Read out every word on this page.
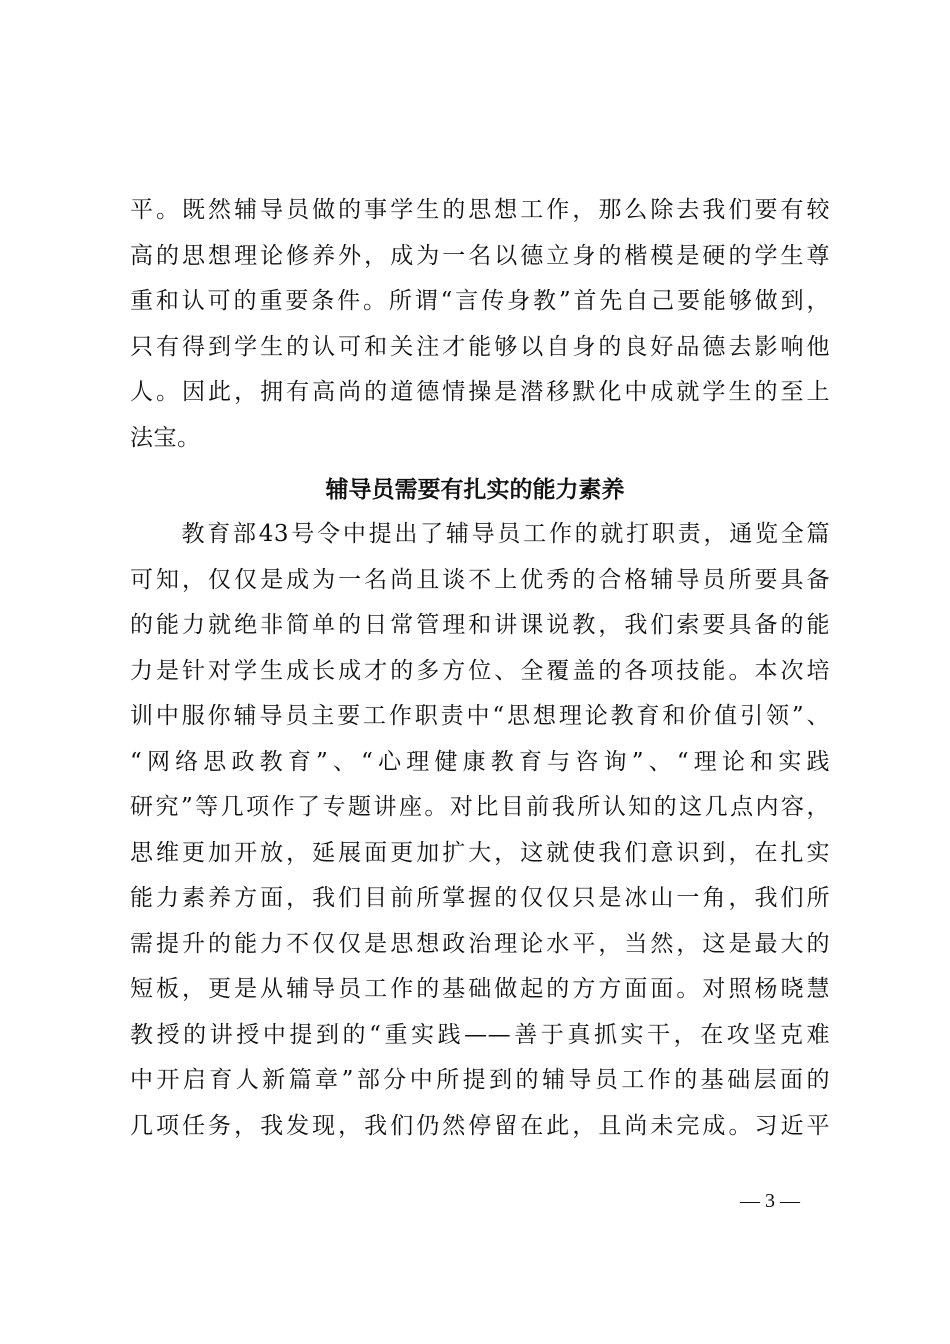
平。既然辅导员做的事学生的思想工作，那么除去我们要有较
高的思想理论修养外，成为一名以德立身的楷模是硬的学生尊
重和认可的重要条件。所谓“言传身教”首先自己要能够做到，
只有得到学生的认可和关注才能够以自身的良好品德去影响他
人。因此，拥有高尚的道德情操是潜移默化中成就学生的至上
法宝。
辅导员需要有扎实的能力素养
　　教育部43号令中提出了辅导员工作的就打职责，通览全篇
可知，仅仅是成为一名尚且谈不上优秀的合格辅导员所要具备
的能力就绝非简单的日常管理和讲课说教，我们索要具备的能
力是针对学生成长成才的多方位、全覆盖的各项技能。本次培
训中服你辅导员主要工作职责中“思想理论教育和价值引领”、
“网络思政教育”、“心理健康教育与咨询”、“理论和实践
研究”等几项作了专题讲座。对比目前我所认知的这几点内容，
思维更加开放，延展面更加扩大，这就使我们意识到，在扎实
能力素养方面，我们目前所掌握的仅仅只是冰山一角，我们所
需提升的能力不仅仅是思想政治理论水平，当然，这是最大的
短板，更是从辅导员工作的基础做起的方方面面。对照杨晓慧
教授的讲授中提到的“重实践——善于真抓实干，在攻坚克难
中开启育人新篇章”部分中所提到的辅导员工作的基础层面的
几项任务，我发现，我们仍然停留在此，且尚未完成。习近平
— 3 —
